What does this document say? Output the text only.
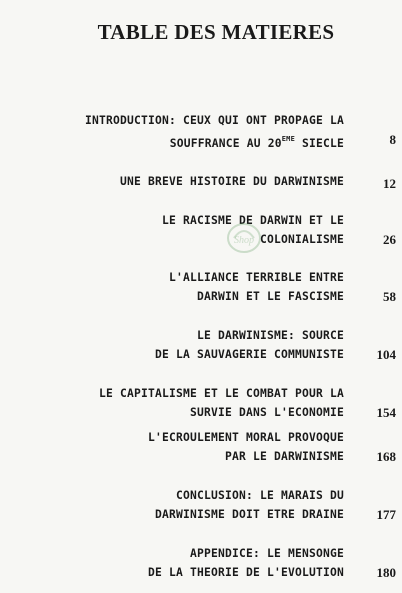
TABLE DES MATIERES
INTRODUCTION: CEUX QUI ONT PROPAGE LA
SOUFFRANCE AU 20EME SIECLE	8
UNE BREVE HISTOIRE DU DARWINISME	12
LE RACISME DE DARWIN ET LE
COLONIALISME	26
L'ALLIANCE TERRIBLE ENTRE
DARWIN ET LE FASCISME	58
LE DARWINISME: SOURCE
DE LA SAUVAGERIE COMMUNISTE	104
LE CAPITALISME ET LE COMBAT POUR LA
SURVIE DANS L'ECONOMIE	154
L'ECROULEMENT MORAL PROVOQUE
PAR LE DARWINISME	168
CONCLUSION: LE MARAIS DU
DARWINISME DOIT ETRE DRAINE	177
APPENDICE: LE MENSONGE
DE LA THEORIE DE L'EVOLUTION	180
Shop
